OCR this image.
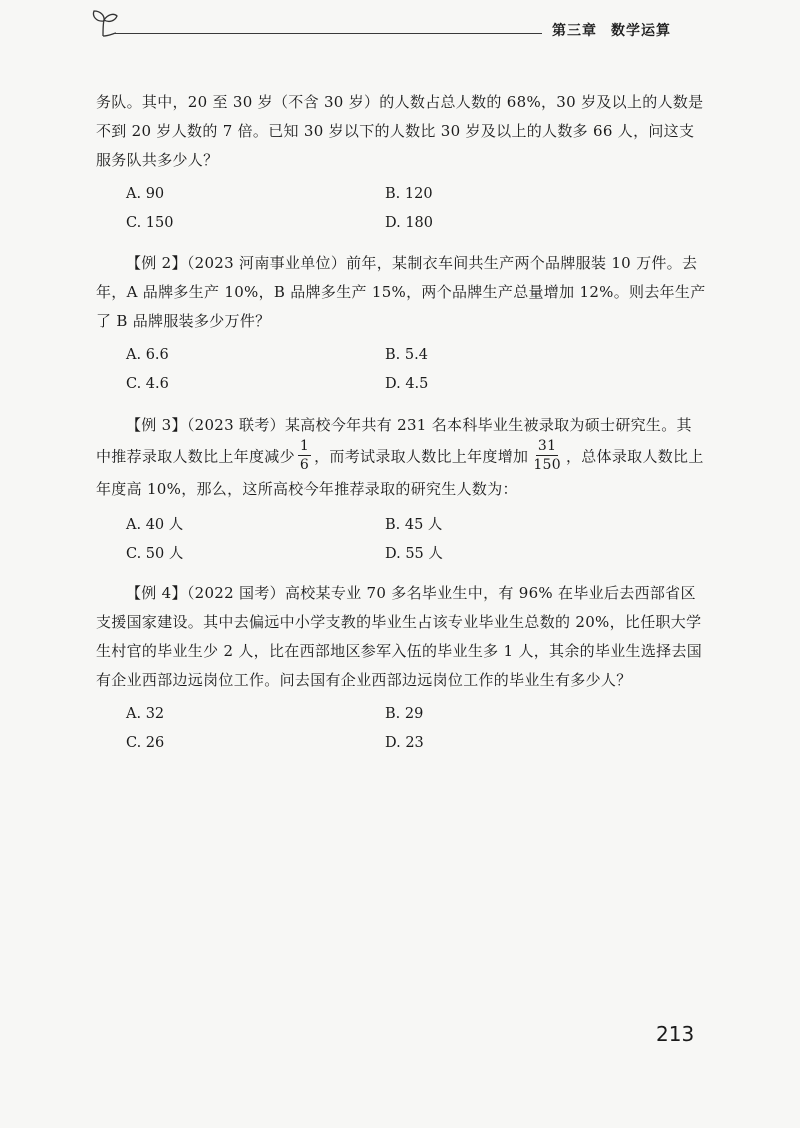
第三章 数学运算

务队。其中，20 至 30 岁（不含 30 岁）的人数占总人数的 68%，30 岁及以上的人数是不到 20 岁人数的 7 倍。已知 30 岁以下的人数比 30 岁及以上的人数多 66 人，问这支服务队共多少人？

A. 90	B. 120
C. 150	D. 180

【例 2】（2023 河南事业单位）前年，某制衣车间共生产两个品牌服装 10 万件。去年，A 品牌多生产 10%，B 品牌多生产 15%，两个品牌生产总量增加 12%。则去年生产了 B 品牌服装多少万件？

A. 6.6	B. 5.4
C. 4.6	D. 4.5

【例 3】（2023 联考）某高校今年共有 231 名本科毕业生被录取为硕士研究生。其中推荐录取人数比上年度减少 $\frac{1}{6}$ ，而考试录取人数比上年度增加 $\frac{31}{150}$ ，总体录取人数比上年度高 10%，那么，这所高校今年推荐录取的研究生人数为：

A. 40 人	B. 45 人
C. 50 人	D. 55 人

【例 4】（2022 国考）高校某专业 70 多名毕业生中，有 96% 在毕业后去西部省区支援国家建设。其中去偏远中小学支教的毕业生占该专业毕业生总数的 20%，比任职大学生村官的毕业生少 2 人，比在西部地区参军入伍的毕业生多 1 人，其余的毕业生选择去国有企业西部边远岗位工作。问去国有企业西部边远岗位工作的毕业生有多少人？

A. 32	B. 29
C. 26	D. 23
213
